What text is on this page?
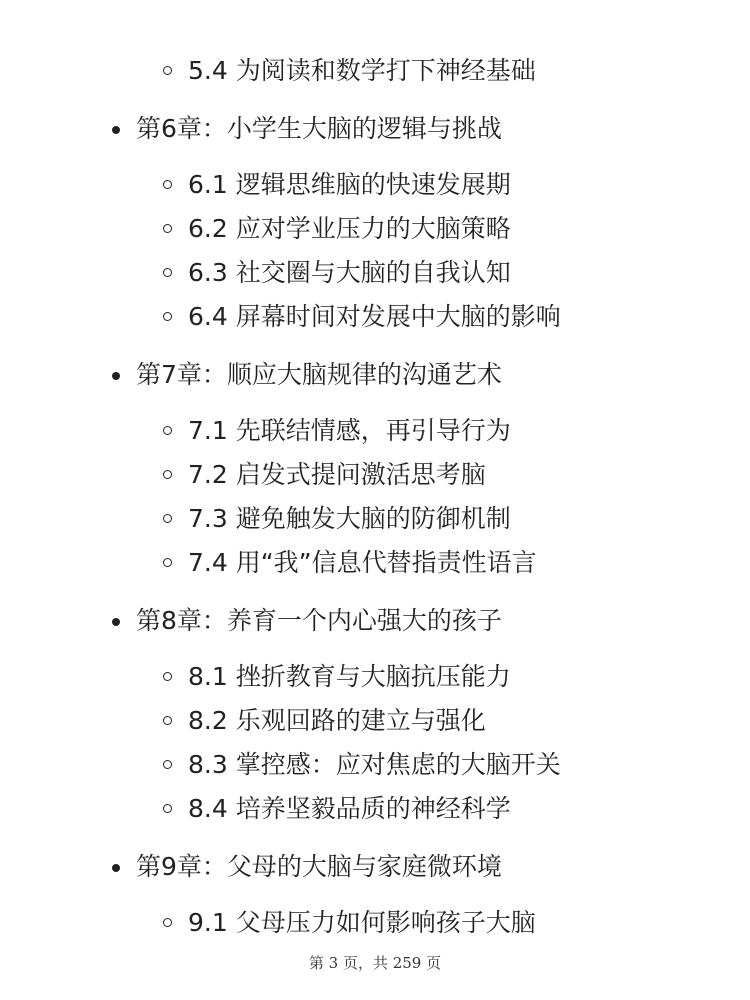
5.4 为阅读和数学打下神经基础
第6章：小学生大脑的逻辑与挑战
6.1 逻辑思维脑的快速发展期
6.2 应对学业压力的大脑策略
6.3 社交圈与大脑的自我认知
6.4 屏幕时间对发展中大脑的影响
第7章：顺应大脑规律的沟通艺术
7.1 先联结情感，再引导行为
7.2 启发式提问激活思考脑
7.3 避免触发大脑的防御机制
7.4 用“我”信息代替指责性语言
第8章：养育一个内心强大的孩子
8.1 挫折教育与大脑抗压能力
8.2 乐观回路的建立与强化
8.3 掌控感：应对焦虑的大脑开关
8.4 培养坚毅品质的神经科学
第9章：父母的大脑与家庭微环境
9.1 父母压力如何影响孩子大脑
第 3 页，共 259 页
